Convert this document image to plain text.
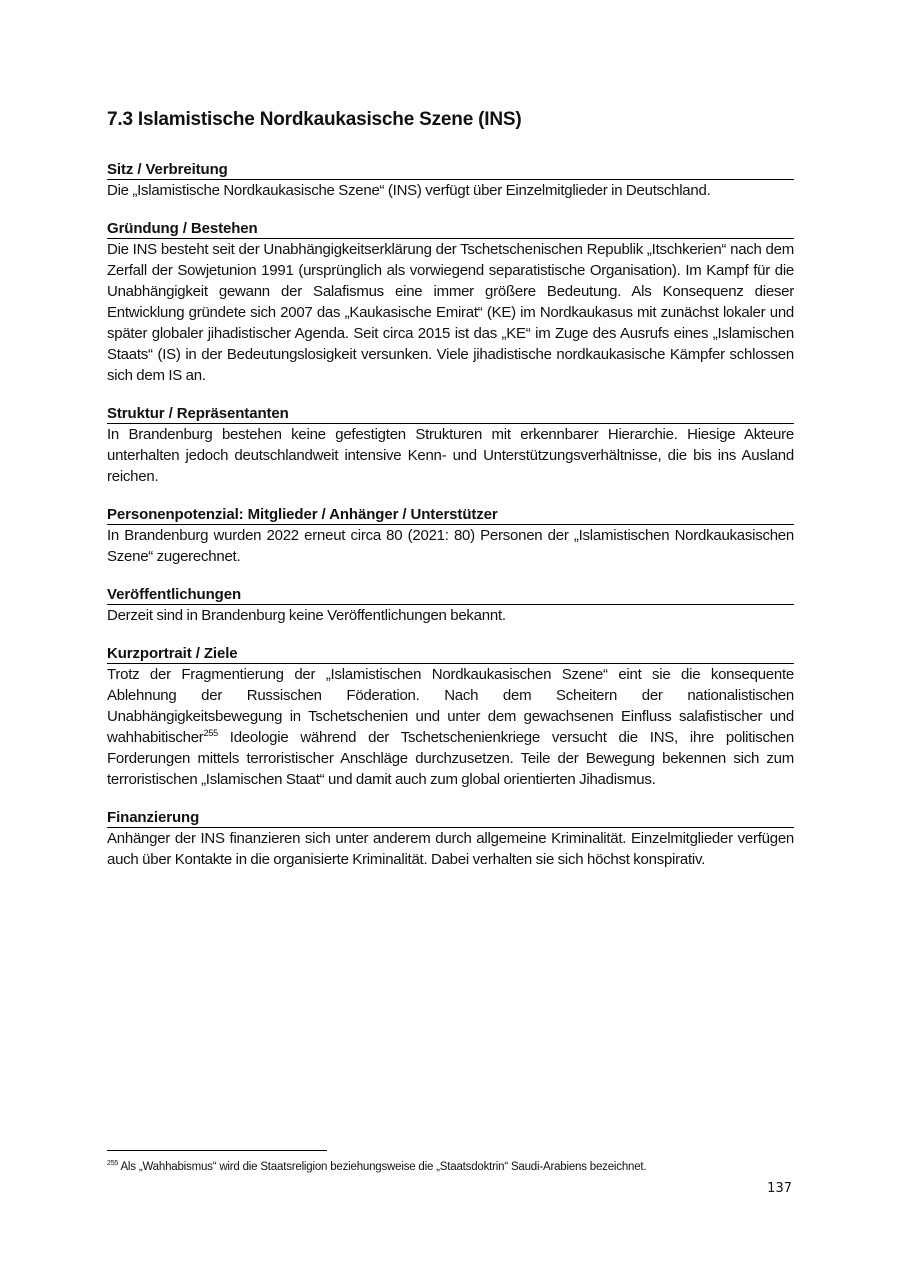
7.3 Islamistische Nordkaukasische Szene (INS)

Sitz / Verbreitung

Die „Islamistische Nordkaukasische Szene“ (INS) verfügt über Einzelmitglieder in Deutschland.

Gründung / Bestehen

Die INS besteht seit der Unabhängigkeitserklärung der Tschetschenischen Republik „Itschkerien“ nach dem Zerfall der Sowjetunion 1991 (ursprünglich als vorwiegend separatistische Organisation). Im Kampf für die Unabhängigkeit gewann der Salafismus eine immer größere Bedeutung. Als Konsequenz dieser Entwicklung gründete sich 2007 das „Kaukasische Emirat“ (KE) im Nordkaukasus mit zunächst lokaler und später globaler jihadistischer Agenda. Seit circa 2015 ist das „KE“ im Zuge des Ausrufs eines „Islamischen Staats“ (IS) in der Bedeutungslosigkeit versunken. Viele jihadistische nordkaukasische Kämpfer schlossen sich dem IS an.

Struktur / Repräsentanten

In Brandenburg bestehen keine gefestigten Strukturen mit erkennbarer Hierarchie. Hiesige Akteure unterhalten jedoch deutschlandweit intensive Kenn- und Unterstützungsverhältnisse, die bis ins Ausland reichen.

Personenpotenzial: Mitglieder / Anhänger / Unterstützer

In Brandenburg wurden 2022 erneut circa 80 (2021: 80) Personen der „Islamistischen Nordkaukasischen Szene“ zugerechnet.

Veröffentlichungen

Derzeit sind in Brandenburg keine Veröffentlichungen bekannt.

Kurzportrait / Ziele

Trotz der Fragmentierung der „Islamistischen Nordkaukasischen Szene“ eint sie die konsequente Ablehnung der Russischen Föderation. Nach dem Scheitern der nationalistischen Unabhängigkeitsbewegung in Tschetschenien und unter dem gewachsenen Einfluss salafistischer und wahhabitischer$^{255}$ Ideologie während der Tschetschenienkriege versucht die INS, ihre politischen Forderungen mittels terroristischer Anschläge durchzusetzen. Teile der Bewegung bekennen sich zum terroristischen „Islamischen Staat“ und damit auch zum global orientierten Jihadismus.

Finanzierung

Anhänger der INS finanzieren sich unter anderem durch allgemeine Kriminalität. Einzelmitglieder verfügen auch über Kontakte in die organisierte Kriminalität. Dabei verhalten sie sich höchst konspirativ.

$^{255}$ Als „Wahhabismus“ wird die Staatsreligion beziehungsweise die „Staatsdoktrin“ Saudi-Arabiens bezeichnet.
137
